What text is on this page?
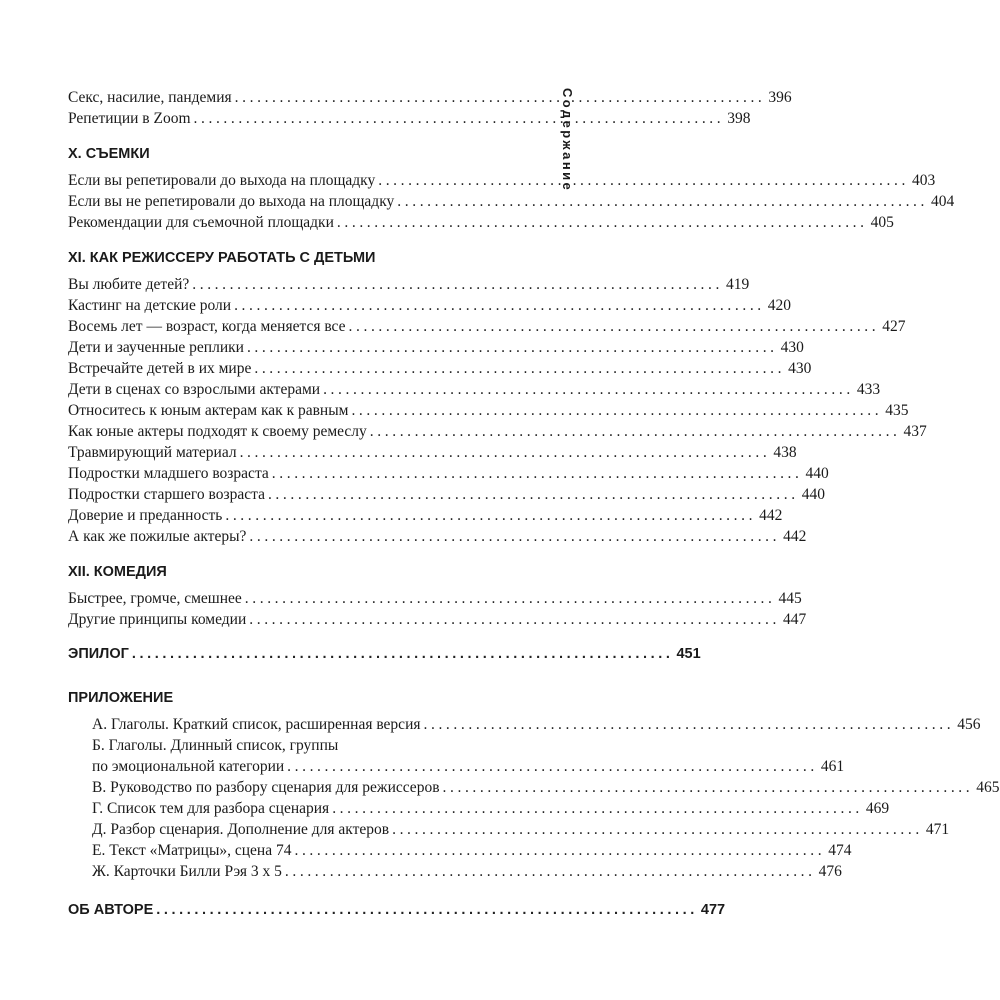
Содержание
Секс, насилие, пандемия ....................................................................... 396
Репетиции в Zoom ....................................................................... 398
X. СЪЕМКИ
Если вы репетировали до выхода на площадку ....................................................................... 403
Если вы не репетировали до выхода на площадку ....................................................................... 404
Рекомендации для съемочной площадки ....................................................................... 405
XI. КАК РЕЖИССЕРУ РАБОТАТЬ С ДЕТЬМИ
Вы любите детей? ....................................................................... 419
Кастинг на детские роли ....................................................................... 420
Восемь лет — возраст, когда меняется все ....................................................................... 427
Дети и заученные реплики ....................................................................... 430
Встречайте детей в их мире ....................................................................... 430
Дети в сценах со взрослыми актерами ....................................................................... 433
Относитесь к юным актерам как к равным ....................................................................... 435
Как юные актеры подходят к своему ремеслу ....................................................................... 437
Травмирующий материал ....................................................................... 438
Подростки младшего возраста ....................................................................... 440
Подростки старшего возраста ....................................................................... 440
Доверие и преданность ....................................................................... 442
А как же пожилые актеры? ....................................................................... 442
XII. КОМЕДИЯ
Быстрее, громче, смешнее ....................................................................... 445
Другие принципы комедии ....................................................................... 447
ЭПИЛОГ ....................................................................... 451
ПРИЛОЖЕНИЕ
А. Глаголы. Краткий список, расширенная версия ....................................................................... 456
Б. Глаголы. Длинный список, группы
по эмоциональной категории ....................................................................... 461
В. Руководство по разбору сценария для режиссеров ....................................................................... 465
Г. Список тем для разбора сценария ....................................................................... 469
Д. Разбор сценария. Дополнение для актеров ....................................................................... 471
Е. Текст «Матрицы», сцена 74 ....................................................................... 474
Ж. Карточки Билли Рэя 3 х 5 ....................................................................... 476
ОБ АВТОРЕ ....................................................................... 477
